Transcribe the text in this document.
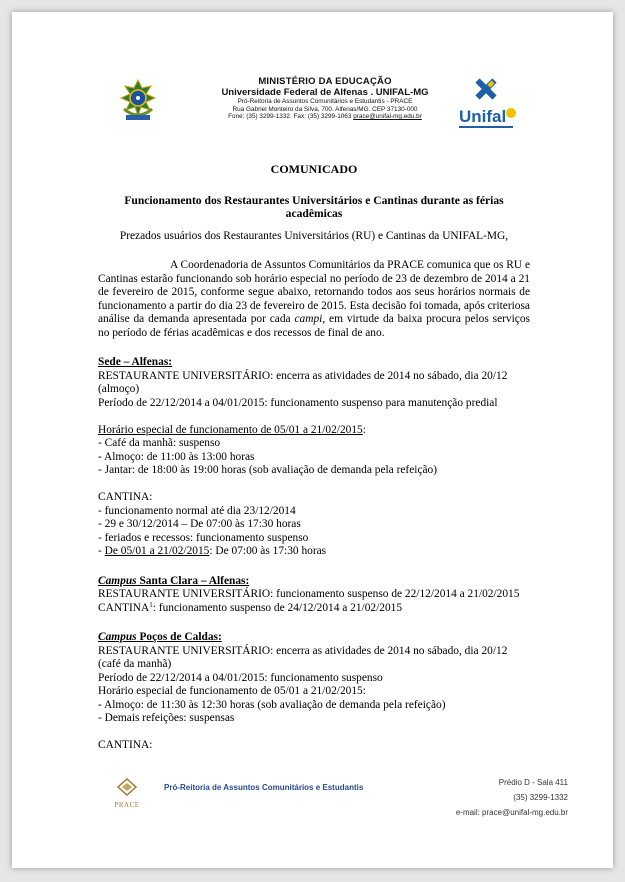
MINISTÉRIO DA EDUCAÇÃO
Universidade Federal de Alfenas . UNIFAL-MG
Pró-Reitoria de Assuntos Comunitários e Estudantis - PRACE
Rua Gabriel Monteiro da Silva, 700. Alfenas/MG. CEP 37130-000
Fone: (35) 3299-1332. Fax: (35) 3299-1063 prace@unifal-mg.edu.br	Unifal

COMUNICADO

Funcionamento dos Restaurantes Universitários e Cantinas durante as férias acadêmicas

Prezados usuários dos Restaurantes Universitários (RU) e Cantinas da UNIFAL-MG,

A Coordenadoria de Assuntos Comunitários da PRACE comunica que os RU e Cantinas estarão funcionando sob horário especial no período de 23 de dezembro de 2014 a 21 de fevereiro de 2015, conforme segue abaixo, retornando todos aos seus horários normais de funcionamento a partir do dia 23 de fevereiro de 2015. Esta decisão foi tomada, após criteriosa análise da demanda apresentada por cada campi, em virtude da baixa procura pelos serviços no período de férias acadêmicas e dos recessos de final de ano.

Sede – Alfenas:
RESTAURANTE UNIVERSITÁRIO: encerra as atividades de 2014 no sábado, dia 20/12 (almoço)
Período de 22/12/2014 a 04/01/2015: funcionamento suspenso para manutenção predial
Horário especial de funcionamento de 05/01 a 21/02/2015:
- Café da manhã: suspenso
- Almoço: de 11:00 às 13:00 horas
- Jantar: de 18:00 às 19:00 horas (sob avaliação de demanda pela refeição)
CANTINA:
- funcionamento normal até dia 23/12/2014
- 29 e 30/12/2014 – De 07:00 às 17:30 horas
- feriados e recessos: funcionamento suspenso
- De 05/01 a 21/02/2015: De 07:00 às 17:30 horas
Campus Santa Clara – Alfenas:
RESTAURANTE UNIVERSITÁRIO: funcionamento suspenso de 22/12/2014 a 21/02/2015
CANTINA$^1$: funcionamento suspenso de 24/12/2014 a 21/02/2015
Campus Poços de Caldas:
RESTAURANTE UNIVERSITÁRIO: encerra as atividades de 2014 no sábado, dia 20/12 (café da manhã)
Período de 22/12/2014 a 04/01/2015: funcionamento suspenso
Horário especial de funcionamento de 05/01 a 21/02/2015:
- Almoço: de 11:30 às 12:30 horas (sob avaliação de demanda pela refeição)
- Demais refeições: suspensas
CANTINA:
PRACE
Pró-Reitoria de Assuntos Comunitários e Estudantis
Prédio D - Sala 411
(35) 3299-1332
e-mail: prace@unifal-mg.edu.br
